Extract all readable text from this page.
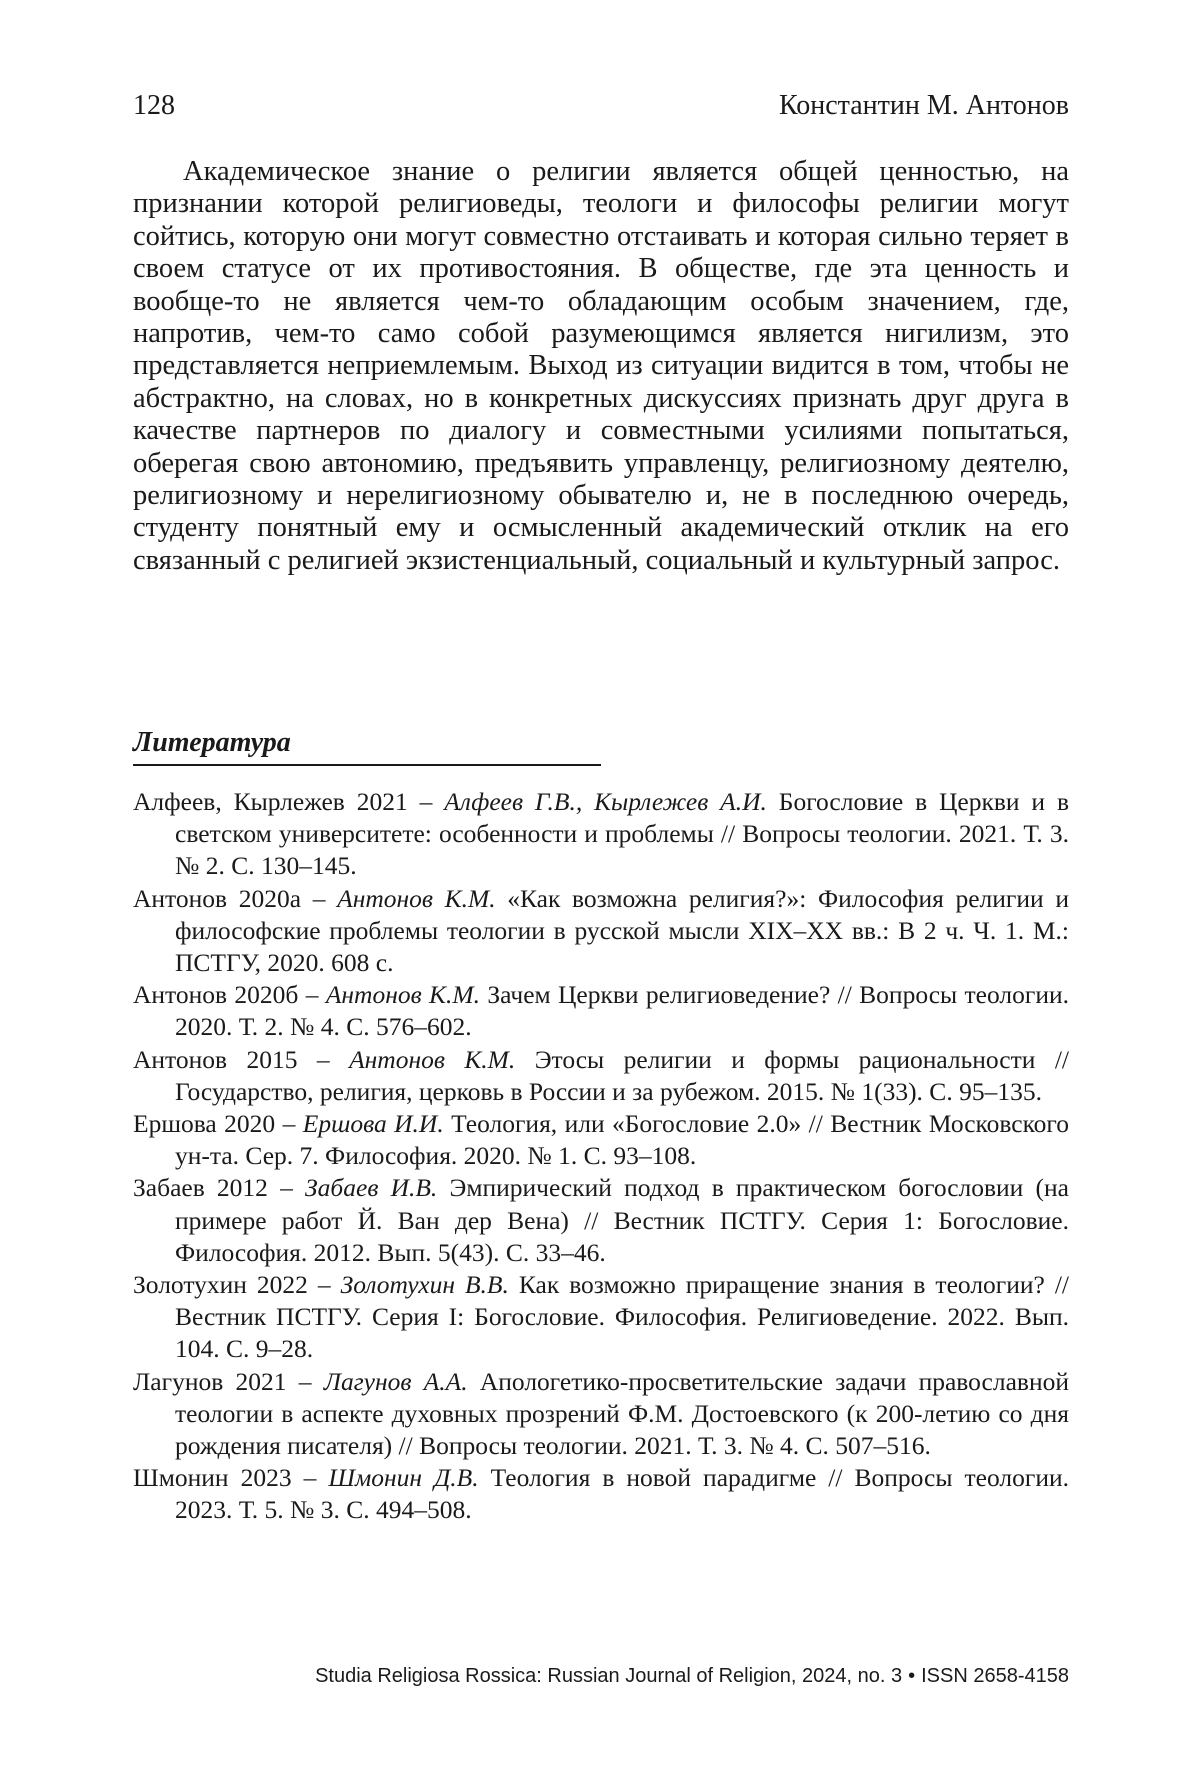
128	Константин М. Антонов

Академическое знание о религии является общей ценностью, на признании которой религиоведы, теологи и философы религии могут сойтись, которую они могут совместно отстаивать и которая сильно теряет в своем статусе от их противостояния. В обществе, где эта ценность и вообще-то не является чем-то обладающим особым значением, где, напротив, чем-то само собой разумеющимся является нигилизм, это представляется неприемлемым. Выход из ситуации видится в том, чтобы не абстрактно, на словах, но в конкретных дискуссиях признать друг друга в качестве партнеров по диалогу и совместными усилиями попытаться, оберегая свою автономию, предъявить управленцу, религиозному деятелю, религиозному и нерелигиозному обывателю и, не в последнюю очередь, студенту понятный ему и осмысленный академический отклик на его связанный с религией экзистенциальный, социальный и культурный запрос.

Литература
Алфеев, Кырлежев 2021 – Алфеев Г.В., Кырлежев А.И. Богословие в Церкви и в светском университете: особенности и проблемы // Вопросы теологии. 2021. Т. 3. № 2. С. 130–145.
Антонов 2020а – Антонов К.М. «Как возможна религия?»: Философия религии и философские проблемы теологии в русской мысли XIX–XX вв.: В 2 ч. Ч. 1. М.: ПСТГУ, 2020. 608 с.
Антонов 2020б – Антонов К.М. Зачем Церкви религиоведение? // Вопросы теологии. 2020. Т. 2. № 4. С. 576–602.
Антонов 2015 – Антонов К.М. Этосы религии и формы рациональности // Государство, религия, церковь в России и за рубежом. 2015. № 1(33). С. 95–135.
Ершова 2020 – Ершова И.И. Теология, или «Богословие 2.0» // Вестник Московского ун-та. Сер. 7. Философия. 2020. № 1. С. 93–108.
Забаев 2012 – Забаев И.В. Эмпирический подход в практическом богословии (на примере работ Й. Ван дер Вена) // Вестник ПСТГУ. Серия 1: Богословие. Философия. 2012. Вып. 5(43). С. 33–46.
Золотухин 2022 – Золотухин В.В. Как возможно приращение знания в теологии? // Вестник ПСТГУ. Серия I: Богословие. Философия. Религиоведение. 2022. Вып. 104. С. 9–28.
Лагунов 2021 – Лагунов А.А. Апологетико-просветительские задачи православной теологии в аспекте духовных прозрений Ф.М. Достоевского (к 200-летию со дня рождения писателя) // Вопросы теологии. 2021. Т. 3. № 4. С. 507–516.
Шмонин 2023 – Шмонин Д.В. Теология в новой парадигме // Вопросы теологии. 2023. Т. 5. № 3. С. 494–508.
Studia Religiosa Rossica: Russian Journal of Religion, 2024, no. 3 • ISSN 2658-4158
